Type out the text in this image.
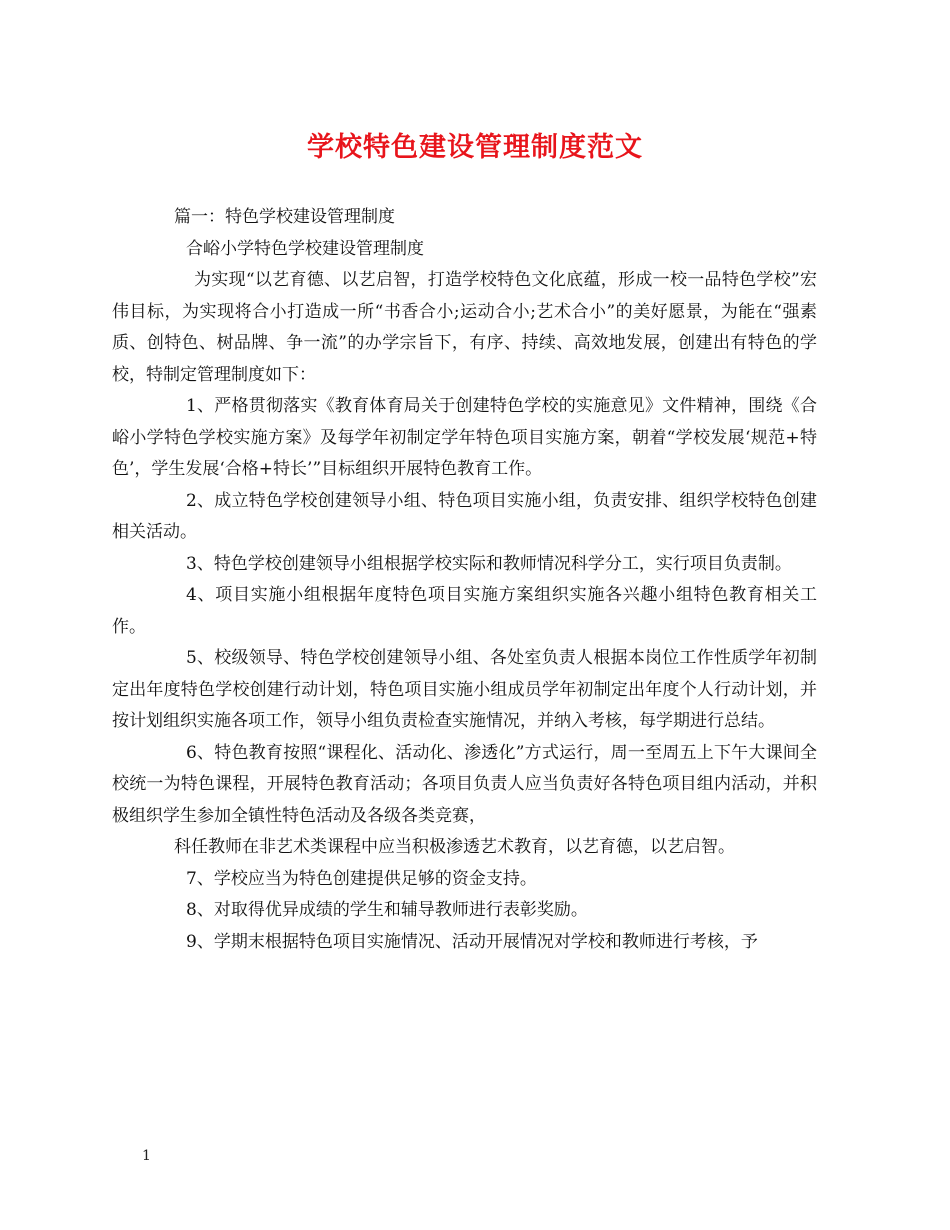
学校特色建设管理制度范文

篇一：特色学校建设管理制度

合峪小学特色学校建设管理制度

为实现“以艺育德、以艺启智，打造学校特色文化底蕴，形成一校一品特色学校”宏伟目标，为实现将合小打造成一所“书香合小;运动合小;艺术合小”的美好愿景，为能在“强素质、创特色、树品牌、争一流”的办学宗旨下，有序、持续、高效地发展，创建出有特色的学校，特制定管理制度如下：

1、严格贯彻落实《教育体育局关于创建特色学校的实施意见》文件精神，围绕《合峪小学特色学校实施方案》及每学年初制定学年特色项目实施方案，朝着“学校发展‘规范+特色’，学生发展‘合格+特长’”目标组织开展特色教育工作。

2、成立特色学校创建领导小组、特色项目实施小组，负责安排、组织学校特色创建相关活动。

3、特色学校创建领导小组根据学校实际和教师情况科学分工，实行项目负责制。

4、项目实施小组根据年度特色项目实施方案组织实施各兴趣小组特色教育相关工作。

5、校级领导、特色学校创建领导小组、各处室负责人根据本岗位工作性质学年初制定出年度特色学校创建行动计划，特色项目实施小组成员学年初制定出年度个人行动计划，并按计划组织实施各项工作，领导小组负责检查实施情况，并纳入考核，每学期进行总结。

6、特色教育按照“课程化、活动化、渗透化”方式运行，周一至周五上下午大课间全校统一为特色课程，开展特色教育活动；各项目负责人应当负责好各特色项目组内活动，并积极组织学生参加全镇性特色活动及各级各类竞赛，

科任教师在非艺术类课程中应当积极渗透艺术教育，以艺育德，以艺启智。

7、学校应当为特色创建提供足够的资金支持。

8、对取得优异成绩的学生和辅导教师进行表彰奖励。

9、学期末根据特色项目实施情况、活动开展情况对学校和教师进行考核，予

1
